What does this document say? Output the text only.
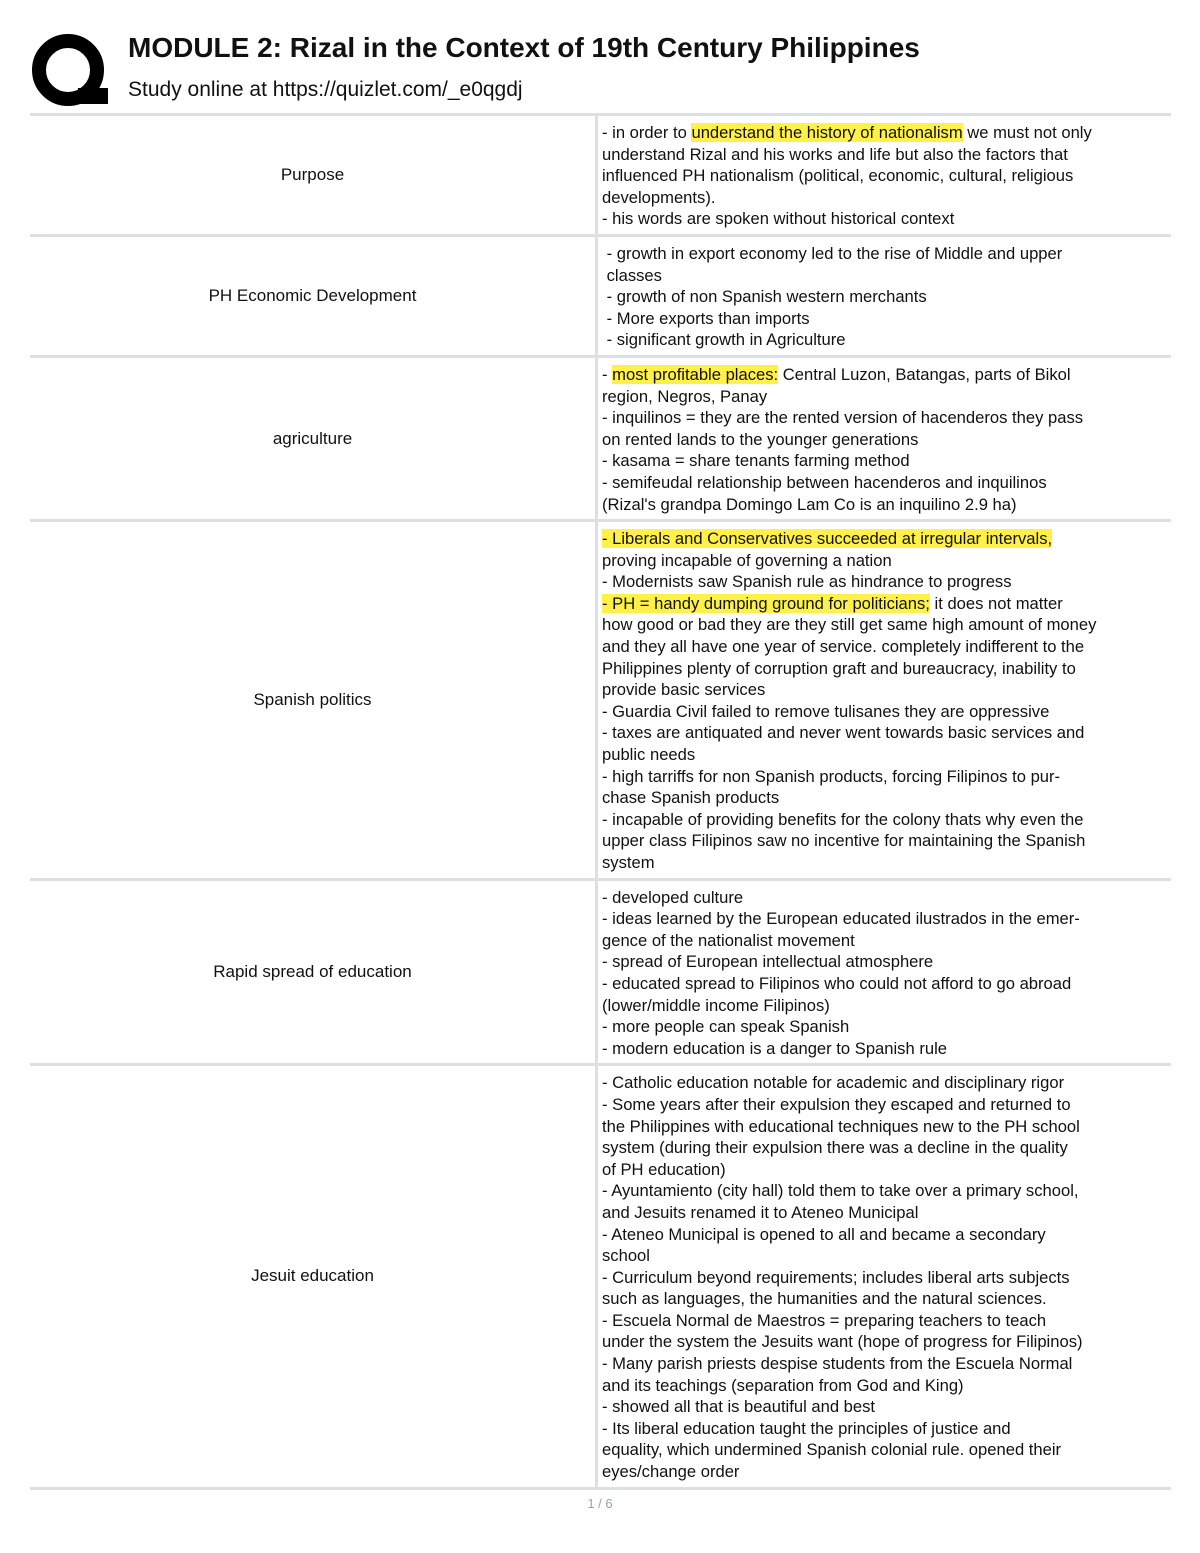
MODULE 2: Rizal in the Context of 19th Century Philippines
Study online at https://quizlet.com/_e0qgdj
Purpose
- in order to understand the history of nationalism we must not only
understand Rizal and his works and life but also the factors that
influenced PH nationalism (political, economic, cultural, religious
developments).
- his words are spoken without historical context
PH Economic Development
- growth in export economy led to the rise of Middle and upper
classes
- growth of non Spanish western merchants
- More exports than imports
- significant growth in Agriculture
agriculture
- most profitable places: Central Luzon, Batangas, parts of Bikol
region, Negros, Panay
- inquilinos = they are the rented version of hacenderos they pass
on rented lands to the younger generations
- kasama = share tenants farming method
- semifeudal relationship between hacenderos and inquilinos
(Rizal's grandpa Domingo Lam Co is an inquilino 2.9 ha)
Spanish politics
- Liberals and Conservatives succeeded at irregular intervals,
proving incapable of governing a nation
- Modernists saw Spanish rule as hindrance to progress
- PH = handy dumping ground for politicians; it does not matter
how good or bad they are they still get same high amount of money
and they all have one year of service. completely indifferent to the
Philippines plenty of corruption graft and bureaucracy, inability to
provide basic services
- Guardia Civil failed to remove tulisanes they are oppressive
- taxes are antiquated and never went towards basic services and
public needs
- high tarriffs for non Spanish products, forcing Filipinos to pur-
chase Spanish products
- incapable of providing benefits for the colony thats why even the
upper class Filipinos saw no incentive for maintaining the Spanish
system
Rapid spread of education
- developed culture
- ideas learned by the European educated ilustrados in the emer-
gence of the nationalist movement
- spread of European intellectual atmosphere
- educated spread to Filipinos who could not afford to go abroad
(lower/middle income Filipinos)
- more people can speak Spanish
- modern education is a danger to Spanish rule
Jesuit education
- Catholic education notable for academic and disciplinary rigor
- Some years after their expulsion they escaped and returned to
the Philippines with educational techniques new to the PH school
system (during their expulsion there was a decline in the quality
of PH education)
- Ayuntamiento (city hall) told them to take over a primary school,
and Jesuits renamed it to Ateneo Municipal
- Ateneo Municipal is opened to all and became a secondary
school
- Curriculum beyond requirements; includes liberal arts subjects
such as languages, the humanities and the natural sciences.
- Escuela Normal de Maestros = preparing teachers to teach
under the system the Jesuits want (hope of progress for Filipinos)
- Many parish priests despise students from the Escuela Normal
and its teachings (separation from God and King)
- showed all that is beautiful and best
- Its liberal education taught the principles of justice and
equality, which undermined Spanish colonial rule. opened their
eyes/change order
1 / 6
